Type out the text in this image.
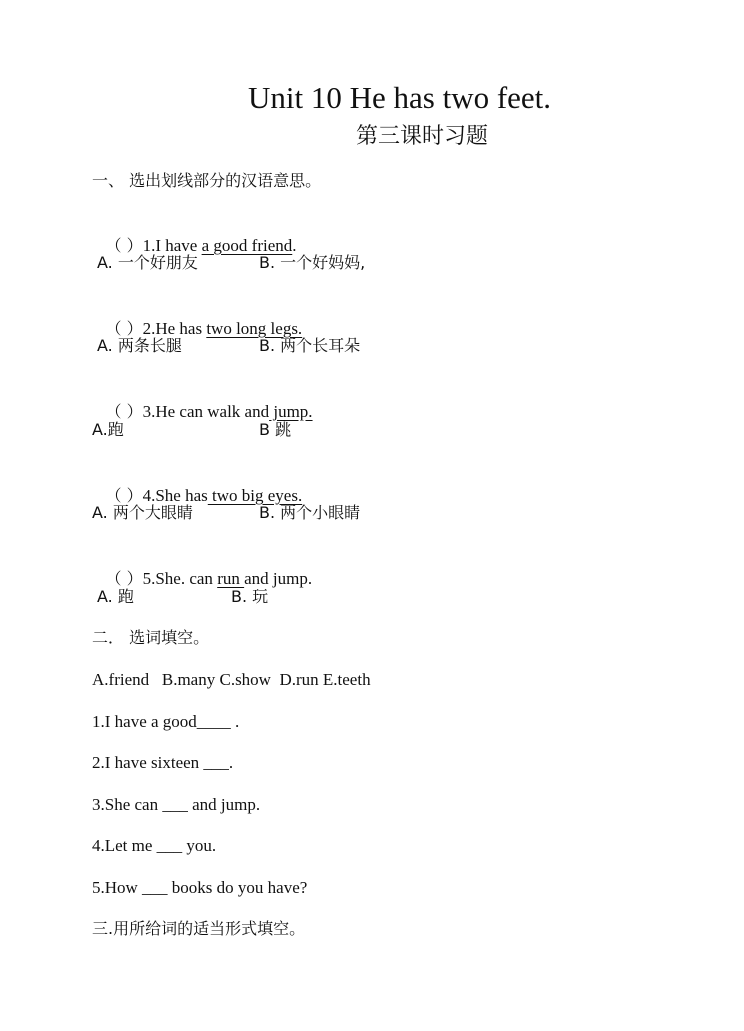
Unit 10 He has two feet.
第三课时习题
一、 选出划线部分的汉语意思。

（ ）1.I have a good friend.

A. 一个好朋友	B. 一个好妈妈,

（ ）2.He has two long legs.

A. 两条长腿	B. 两个长耳朵

（ ）3.He can walk and jump.

A.跑	B 跳

（ ）4.She has two big eyes.

A. 两个大眼睛	B. 两个小眼睛

（ ）5.She. can run and jump.

A. 跑	B. 玩
二． 选词填空。
A.friend   B.many C.show  D.run E.teeth
1.I have a good____ .
2.I have sixteen ___.
3.She can ___ and jump.
4.Let me ___ you.
5.How ___ books do you have?
三.用所给词的适当形式填空。
